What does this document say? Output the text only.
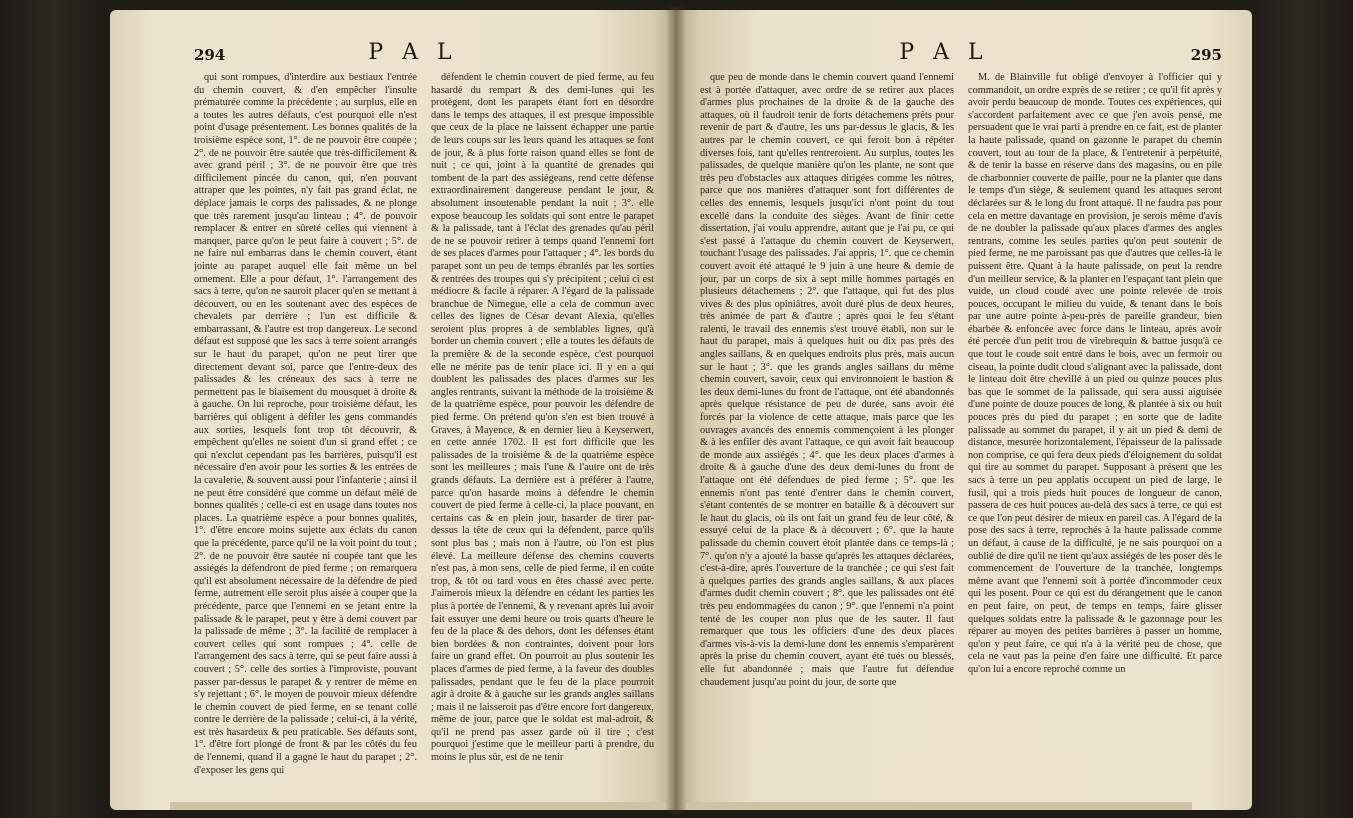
294	P A L

qui sont rompues, d'interdire aux bestiaux l'entrée du chemin couvert, & d'en empêcher l'insulte prématurée comme la précédente ; au surplus, elle en a toutes les autres défauts, c'est pourquoi elle n'est point d'usage présentement. Les bonnes qualités de la troisième espèce sont, 1°. de ne pouvoir être coupée ; 2°. de ne pouvoir être sautée que très-difficilement & avec grand péril ; 3°. de ne pouvoir être que très difficilement pincée du canon, qui, n'en pouvant attraper que les pointes, n'y fait pas grand éclat, ne déplace jamais le corps des palissades, & ne plonge que très rarement jusqu'au linteau ; 4°. de pouvoir remplacer & entrer en sûreté celles qui viennent à manquer, parce qu'on le peut faire à couvert ; 5°. de ne faire nul embarras dans le chemin couvert, étant jointe au parapet auquel elle fait même un bel ornement. Elle a pour défaut, 1°. l'arrangement des sacs à terre, qu'on ne sauroit placer qu'en se mettant à découvert, ou en les soutenant avec des espèces de chevalets par derrière ; l'un est difficile & embarrassant, & l'autre est trop dangereux. Le second défaut est supposé que les sacs à terre soient arrangés sur le haut du parapet, qu'on ne peut tirer que directement devant soi, parce que l'entre-deux des palissades & les créneaux des sacs à terre ne permettent pas le biaisement du mousquet à droite & à gauche. On lui reproche, pour troisième défaut, les barrières qui obligent à défiler les gens commandés aux sorties, lesquels font trop tôt découvrir, & empêchent qu'elles ne soient d'un si grand effet ; ce qui n'exclut cependant pas les barrières, puisqu'il est nécessaire d'en avoir pour les sorties & les entrées de la cavalerie, & souvent aussi pour l'infanterie ; ainsi il ne peut être considéré que comme un défaut mêlé de bonnes qualités ; celle-ci est en usage dans toutes nos places. La quatrième espèce a pour bonnes qualités, 1°. d'être encore moins sujette aux éclats du canon que la précédente, parce qu'il ne la voit point du tout ; 2°. de ne pouvoir être sautée ni coupée tant que les assiégés la défendront de pied ferme ; on remarquera qu'il est absolument nécessaire de la défendre de pied ferme, autrement elle seroit plus aisée à couper que la précédente, parce que l'ennemi en se jetant entre la palissade & le parapet, peut y être à demi couvert par la palissade de même ; 3°. la facilité de remplacer à couvert celles qui sont rompues ; 4°. celle de l'arrangement des sacs à terre, qui se peut faire aussi à couvert ; 5°. celle des sorties à l'improviste, pouvant passer par-dessus le parapet & y rentrer de même en s'y rejettant ; 6°. le moyen de pouvoir mieux défendre le chemin couvert de pied ferme, en se tenant collé contre le derrière de la palissade ; celui-ci, à la vérité, est très hasardeux & peu praticable. Ses défauts sont, 1°. d'être fort plongé de front & par les côtés du feu de l'ennemi, quand il a gagné le haut du parapet ; 2°. d'exposer les gens qui

défendent le chemin couvert de pied ferme, au feu hasardé du rempart & des demi-lunes qui les protègent, dont les parapets étant fort en désordre dans le temps des attaques, il est presque impossible que ceux de la place ne laissent échapper une partie de leurs coups sur les leurs quand les attaques se font de jour, & à plus forte raison quand elles se font de nuit ; ce qui, joint à la quantité de grenades qui tombent de la part des assiégeans, rend cette défense extraordinairement dangereuse pendant le jour, & absolument insoutenable pendant la nuit ; 3°. elle expose beaucoup les soldats qui sont entre le parapet & la palissade, tant à l'éclat des grenades qu'au péril de ne se pouvoir retirer à temps quand l'ennemi fort de ses places d'armes pour l'attaquer ; 4°. les bords du parapet sont un peu de temps ébranlés par les sorties & rentrées des troupes qui s'y précipitent ; celui ci est médiocre & facile à réparer. A l'égard de la palissade branchue de Nimegue, elle a cela de commun avec celles des lignes de César devant Alexia, qu'elles seroient plus propres à de semblables lignes, qu'à border un chemin couvert ; elle a toutes les défauts de la première & de la seconde espèce, c'est pourquoi elle ne mérite pas de tenir place ici. Il y en a qui doublent les palissades des places d'armes sur les angles rentrants, suivant la méthode de la troisième & de la quatrième espèce, pour pouvoir les défendre de pied ferme. On prétend qu'on s'en est bien trouvé à Graves, à Mayence, & en dernier lieu à Keyserwert, en cette année 1702. Il est fort difficile que les palissades de la troisième & de la quatrième espèce sont les meilleures ; mais l'une & l'autre ont de très grands défauts. La dernière est à préférer à l'autre, parce qu'on hasarde moins à défendre le chemin couvert de pied ferme à celle-ci, la place pouvant, en certains cas & en plein jour, hasarder de tirer par-dessus la tête de ceux qui la défendent, parce qu'ils sont plus bas ; mais non à l'autre, où l'on est plus élevé. La meilleure défense des chemins couverts n'est pas, à mon sens, celle de pied ferme, il en coûte trop, & tôt ou tard vous en êtes chassé avec perte. J'aimerois mieux la défendre en cédant les parties les plus à portée de l'ennemi, & y revenant après lui avoir fait essuyer une demi heure ou trois quarts d'heure le feu de la place & des dehors, dont les défenses étant bien bordées & non contraintes, doivent pour lors faire un grand effet. On pourroit au plus soutenir les places d'armes de pied ferme, à la faveur des doubles palissades, pendant que le feu de la place pourroit agir à droite & à gauche sur les grands angles saillans ; mais il ne laisseroit pas d'être encore fort dangereux, même de jour, parce que le soldat est mal-adroit, & qu'il ne prend pas assez garde où il tire ; c'est pourquoi j'estime que le meilleur parti à prendre, du moins le plus sûr, est de ne tenir

P A L	295

que peu de monde dans le chemin couvert quand l'ennemi est à portée d'attaquer, avec ordre de se retirer aux places d'armes plus prochaines de la droite & de la gauche des attaques, où il faudroit tenir de forts détachemens prêts pour revenir de part & d'autre, les uns par-dessus le glacis, & les autres par le chemin couvert, ce qui feroit bon à répéter diverses fois, tant qu'elles rentreroient. Au surplus, toutes les palissades, de quelque manière qu'on les plante, ne sont que très peu d'obstacles aux attaques dirigées comme les nôtres, parce que nos manières d'attaquer sont fort différentes de celles des ennemis, lesquels jusqu'ici n'ont point du tout excellé dans la conduite des sièges. Avant de finir cette dissertation, j'ai voulu apprendre, autant que je l'ai pu, ce qui s'est passé à l'attaque du chemin couvert de Keyserwert, touchant l'usage des palissades. J'ai appris, 1°. que ce chemin couvert avoit été attaqué le 9 juin à une heure & demie de jour, par un corps de six à sept mille hommes partagés en plusieurs détachemens ; 2°. que l'attaque, qui fut des plus vives & des plus opiniâtres, avoit duré plus de deux heures, très animée de part & d'autre ; après quoi le feu s'étant ralenti, le travail des ennemis s'est trouvé établi, non sur le haut du parapet, mais à quelques huit ou dix pas près des angles saillans, & en quelques endroits plus près, mais aucun sur le haut ; 3°. que les grands angles saillans du même chemin couvert, savoir, ceux qui environnoient le bastion & les deux demi-lunes du front de l'attaque, ont été abandonnés après quelque résistance de peu de durée, sans avoir été forcés par la violence de cette attaque, mais parce que les ouvrages avancés des ennemis commençoient à les plonger & à les enfiler dès avant l'attaque, ce qui avoit fait beaucoup de monde aux assiégés ; 4°. que les deux places d'armes à droite & à gauche d'une des deux demi-lunes du front de l'attaque ont été défendues de pied ferme ; 5°. que les ennemis n'ont pas tenté d'entrer dans le chemin couvert, s'étant contentés de se montrer en bataille & à découvert sur le haut du glacis, où ils ont fait un grand feu de leur côté, & essuyé celui de la place & à découvert ; 6°. que la haute palissade du chemin couvert étoit plantée dans ce temps-là ; 7°. qu'on n'y a ajouté la basse qu'après les attaques déclarées, c'est-à-dire, après l'ouverture de la tranchée ; ce qui s'est fait à quelques parties des grands angles saillans, & aux places d'armes dudit chemin couvert ; 8°. que les palissades ont été très peu endommagées du canon ; 9°. que l'ennemi n'a point tenté de les couper non plus que de les sauter. Il faut remarquer que tous les officiers d'une des deux places d'armes vis-à-vis la demi-lune dont les ennemis s'emparèrent après la prise du chemin couvert, ayant été tués ou blessés, elle fut abandonnée ; mais que l'autre fut défendue chaudement jusqu'au point du jour, de sorte que

M. de Blainville fut obligé d'envoyer à l'officier qui y commandoit, un ordre exprès de se retirer ; ce qu'il fit après y avoir perdu beaucoup de monde. Toutes ces expériences, qui s'accordent parfaitement avec ce que j'en avois pensé, me persuadent que le vrai parti à prendre en ce fait, est de planter la haute palissade, quand on gazonne le parapet du chemin couvert, tout au tour de la place, & l'entretenir à perpétuité, & de tenir la basse en réserve dans des magasins, ou en pile de charbonnier couverte de paille, pour ne la planter que dans le temps d'un siège, & seulement quand les attaques seront déclarées sur & le long du front attaqué. Il ne faudra pas pour cela en mettre davantage en provision, je serois même d'avis de ne doubler la palissade qu'aux places d'armes des angles rentrans, comme les seules parties qu'on peut soutenir de pied ferme, ne me paroissant pas que d'autres que celles-là le puissent être. Quant à la haute palissade, on peut la rendre d'un meilleur service, & la planter en l'espaçant tant plein que vuide, un cloud coudé avec une pointe relevée de trois pouces, occupant le milieu du vuide, & tenant dans le bois par une autre pointe à-peu-près de pareille grandeur, bien ébarbée & enfoncée avec force dans le linteau, après avoir été percée d'un petit trou de vîrebrequin & battue jusqu'à ce que tout le coude soit entré dans le bois, avec un fermoir ou ciseau, la pointe dudit cloud s'alignant avec la palissade, dont le linteau doit être chevillé à un pied ou quinze pouces plus bas que le sommet de la palissade, qui sera aussi aiguisée d'une pointe de douze pouces de long, & plantée à six ou huit pouces près du pied du parapet ; en sorte que de ladite palissade au sommet du parapet, il y ait un pied & demi de distance, mesurée horizontalement, l'épaisseur de la palissade non comprise, ce qui fera deux pieds d'éloignement du soldat qui tire au sommet du parapet. Supposant à présent que les sacs à terre un peu applatis occupent un pied de large, le fusil, qui a trois pieds huit pouces de longueur de canon, passera de ces huit pouces au-delà des sacs à terre, ce qui est ce que l'on peut désirer de mieux en pareil cas. A l'égard de la pose des sacs à terre, reprochés à la haute palissade comme un défaut, à cause de la difficulté, je ne sais pourquoi on a oublié de dire qu'il ne tient qu'aux assiégés de les poser dès le commencement de l'ouverture de la tranchée, longtemps même avant que l'ennemi soit à portée d'incommoder ceux qui les posent. Pour ce qui est du dérangement que le canon en peut faire, on peut, de temps en temps, faire glisser quelques soldats entre la palissade & le gazonnage pour les réparer au moyen des petites barrières à passer un homme, qu'on y peut faire, ce qui n'a à la vérité peu de chose, que cela ne vaut pas la peine d'en faire une difficulté. Et parce qu'on lui a encore reproché comme un
